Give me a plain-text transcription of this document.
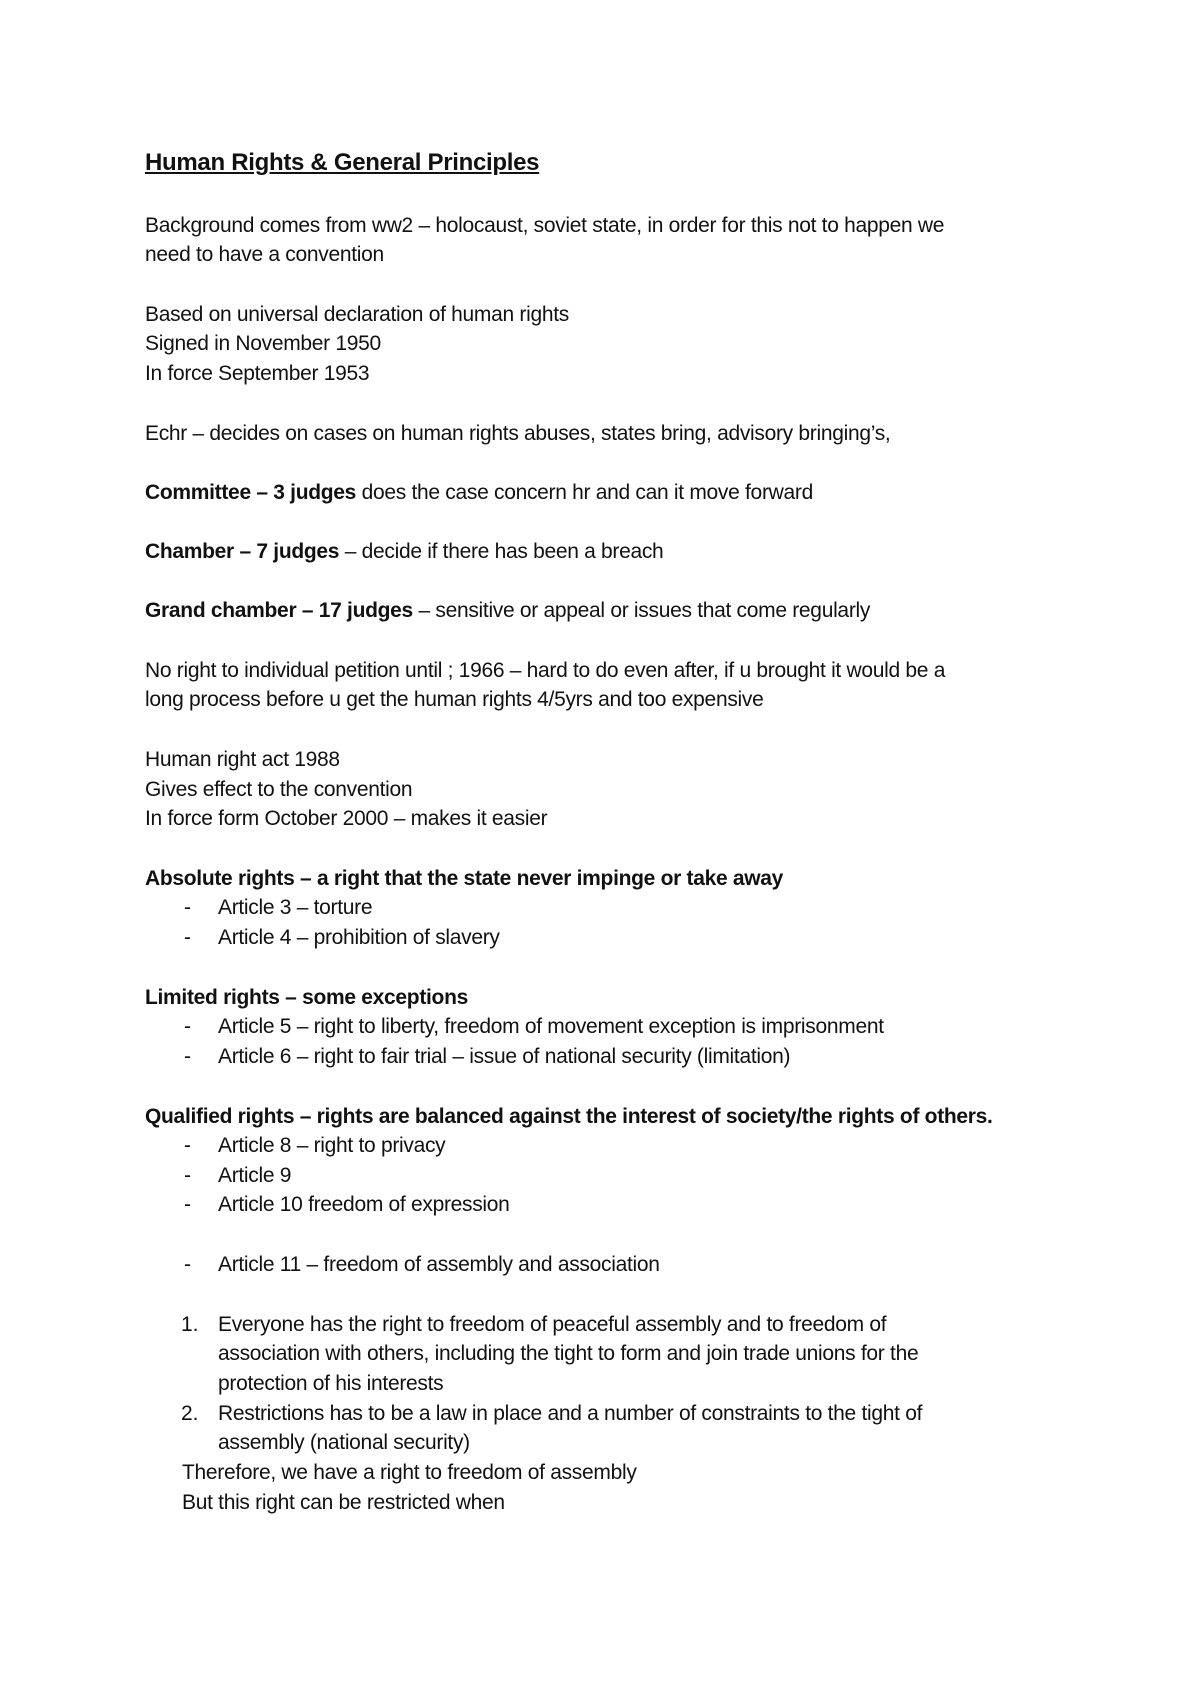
Human Rights & General Principles
Background comes from ww2 – holocaust, soviet state, in order for this not to happen we
need to have a convention
Based on universal declaration of human rights
Signed in November 1950
In force September 1953
Echr – decides on cases on human rights abuses, states bring, advisory bringing’s,
Committee – 3 judges does the case concern hr and can it move forward
Chamber – 7 judges – decide if there has been a breach
Grand chamber – 17 judges – sensitive or appeal or issues that come regularly
No right to individual petition until ; 1966 – hard to do even after, if u brought it would be a
long process before u get the human rights 4/5yrs and too expensive
Human right act 1988
Gives effect to the convention
In force form October 2000 – makes it easier
Absolute rights – a right that the state never impinge or take away
- Article 3 – torture
- Article 4 – prohibition of slavery
Limited rights – some exceptions
- Article 5 – right to liberty, freedom of movement exception is imprisonment
- Article 6 – right to fair trial – issue of national security (limitation)
Qualified rights – rights are balanced against the interest of society/the rights of others.
- Article 8 – right to privacy
- Article 9
- Article 10 freedom of expression
- Article 11 – freedom of assembly and association
1. Everyone has the right to freedom of peaceful assembly and to freedom of
association with others, including the tight to form and join trade unions for the
protection of his interests
2. Restrictions has to be a law in place and a number of constraints to the tight of
assembly (national security)
Therefore, we have a right to freedom of assembly
But this right can be restricted when
